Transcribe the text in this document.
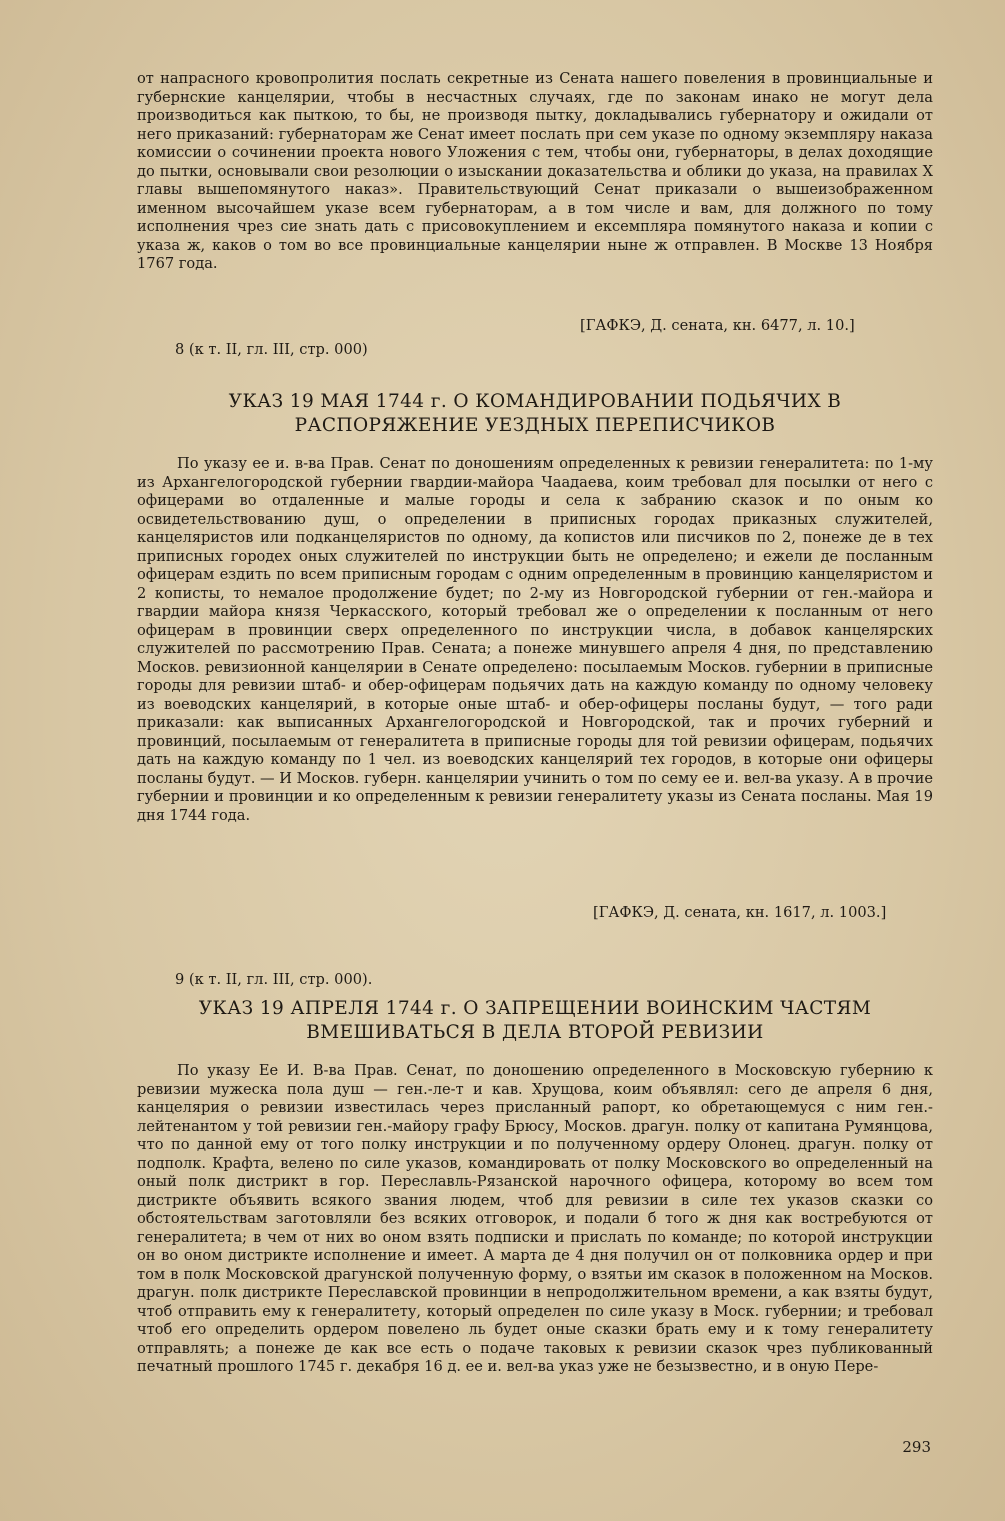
от напрасного кровопролития послать секретные из Сената нашего повеления в провинциальные и губернские канцелярии, чтобы в несчастных случаях, где по законам инако не могут дела производиться как пыткою, то бы, не производя пытку, докладывались губернатору и ожидали от него приказаний: губернаторам же Сенат имеет послать при сем указе по одному экземпляру наказа комиссии о сочинении проекта нового Уложения с тем, чтобы они, губернаторы, в делах доходящие до пытки, основывали свои резолюции о изыскании доказательства и облики до указа, на правилах X главы вышепомянутого наказ». Правительствующий Сенат приказали о вышеизображенном именном высочайшем указе всем губернаторам, а в том числе и вам, для должного по тому исполнения чрез сие знать дать с присовокуплением и ексемпляра помянутого наказа и копии с указа ж, каков о том во все провинциальные канцелярии ныне ж отправлен. В Москве 13 Ноября 1767 года.

[ГАФКЭ, Д. сената, кн. 6477, л. 10.]
8 (к т. II, гл. III, стр. 000)
УКАЗ 19 МАЯ 1744 г. О КОМАНДИРОВАНИИ ПОДЬЯЧИХ В РАСПОРЯЖЕНИЕ УЕЗДНЫХ ПЕРЕПИСЧИКОВ

По указу ее и. в-ва Прав. Сенат по доношениям определенных к ревизии генералитета: по 1-му из Архангелогородской губернии гвардии-майора Чаадаева, коим требовал для посылки от него с офицерами во отдаленные и малые городы и села к забранию сказок и по оным ко освидетельствованию душ, о определении в приписных городах приказных служителей, канцеляристов или подканцеляристов по одному, да копистов или писчиков по 2, понеже де в тех приписных городех оных служителей по инструкции быть не определено; и ежели де посланным офицерам ездить по всем приписным городам с одним определенным в провинцию канцеляристом и 2 кописты, то немалое продолжение будет; по 2-му из Новгородской губернии от ген.-майора и гвардии майора князя Черкасского, который требовал же о определении к посланным от него офицерам в провинции сверх определенного по инструкции числа, в добавок канцелярских служителей по рассмотрению Прав. Сената; а понеже минувшего апреля 4 дня, по представлению Москов. ревизионной канцелярии в Сенате определено: посылаемым Москов. губернии в приписные городы для ревизии штаб- и обер-офицерам подьячих дать на каждую команду по одному человеку из воеводских канцелярий, в которые оные штаб- и обер-офицеры посланы будут, — того ради приказали: как выписанных Архангелогородской и Новгородской, так и прочих губерний и провинций, посылаемым от генералитета в приписные городы для той ревизии офицерам, подьячих дать на каждую команду по 1 чел. из воеводских канцелярий тех городов, в которые они офицеры посланы будут. — И Москов. губерн. канцелярии учинить о том по сему ее и. вел-ва указу. А в прочие губернии и провинции и ко определенным к ревизии генералитету указы из Сената посланы. Мая 19 дня 1744 года.

[ГАФКЭ, Д. сената, кн. 1617, л. 1003.]
9 (к т. II, гл. III, стр. 000).
УКАЗ 19 АПРЕЛЯ 1744 г. О ЗАПРЕЩЕНИИ ВОИНСКИМ ЧАСТЯМ ВМЕШИВАТЬСЯ В ДЕЛА ВТОРОЙ РЕВИЗИИ

По указу Ее И. В-ва Прав. Сенат, по доношению определенного в Московскую губернию к ревизии мужеска пола душ — ген.-ле-т и кав. Хрущова, коим объявлял: сего де апреля 6 дня, канцелярия о ревизии известилась через присланный рапорт, ко обретающемуся с ним ген.-лейтенантом у той ревизии ген.-майору графу Брюсу, Москов. драгун. полку от капитана Румянцова, что по данной ему от того полку инструкции и по полученному ордеру Олонец. драгун. полку от подполк. Крафта, велено по силе указов, командировать от полку Московского во определенный на оный полк дистрикт в гор. Переславль-Рязанской нарочного офицера, которому во всем том дистрикте объявить всякого звания людем, чтоб для ревизии в силе тех указов сказки со обстоятельствам заготовляли без всяких отговорок, и подали б того ж дня как востребуются от генералитета; в чем от них во оном взять подписки и прислать по команде; по которой инструкции он во оном дистрикте исполнение и имеет. А марта де 4 дня получил он от полковника ордер и при том в полк Московской драгунской полученную форму, о взятьи им сказок в положенном на Москов. драгун. полк дистрикте Переславской провинции в непродолжительном времени, а как взяты будут, чтоб отправить ему к генералитету, который определен по силе указу в Моск. губернии; и требовал чтоб его определить ордером повелено ль будет оные сказки брать ему и к тому генералитету отправлять; а понеже де как все есть о подаче таковых к ревизии сказок чрез публикованный печатный прошлого 1745 г. декабря 16 д. ее и. вел-ва указ уже не безызвестно, и в оную Пере-

293
